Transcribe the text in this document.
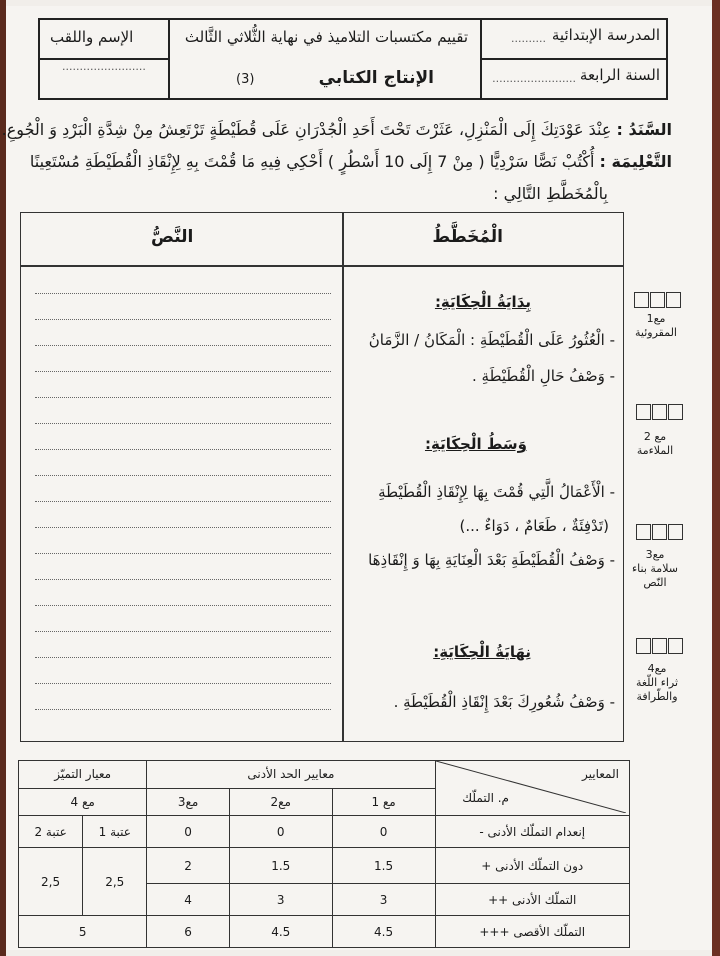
المدرسة الإبتدائية
..........
تقييم مكتسبات التلاميذ في نهاية الثُّلاثي الثَّالث
الإسم واللقب
........................	السنة الرابعة
........................
الإنتاج الكتابي
(3)
السَّنَدُ : عِنْدَ عَوْدَتِكَ إِلَى الْمَنْزِلِ، عَثَرْتَ تَحْتَ أَحَدِ الْجُدْرَانِ عَلَى قُطَيْطَةٍ تَرْتَعِشُ مِنْ شِدَّةِ الْبَرْدِ وَ الْجُوعِ.
التَّعْلِيمَة : أُكْتُبْ نَصًّا سَرْدِيًّا ( مِنْ 7 إِلَى 10 أَسْطُرٍ ) أَحْكِي فِيهِ مَا قُمْتَ بِهِ لِإِنْقَاذِ الْقُطَيْطَةِ مُسْتَعِينًا
بِالْمُخَطَّطِ التَّالِي :
الْمُخَطَّطُ
النَّصُّ
بِدَايَةُ الْحِكَايَةِ:
- الْعُثُورُ عَلَى الْقُطَيْطَةِ : الْمَكَانُ / الزَّمَانُ
- وَصْفُ حَالِ الْقُطَيْطَةِ .
وَسَطُ الْحِكَايَةِ:
- الْأَعْمَالُ الَّتِي قُمْتَ بِهَا لِإِنْقَاذِ الْقُطَيْطَةِ
(تَدْفِئَةٌ ، طَعَامٌ ، دَوَاءٌ ...)
- وَصْفُ الْقُطَيْطَةِ بَعْدَ الْعِنَايَةِ بِهَا وَ إِنْقَاذِهَا
نِهَايَةُ الْحِكَايَةِ:
- وَصْفُ شُعُورِكَ بَعْدَ إِنْقَاذِ الْقُطَيْطَةِ .
مع1
المقروئية
مع 2
الملاءمة
مع3
سلامة بناء النّص
مع4
ثراء اللّغة والطّرافة
المعايير
م. التملّك	معايير الحد الأدنى			معيار التميّز	
	مع 1	مع2	مع3	مع 4	
إنعدام التملّك الأدنى -	0	0	0	عتبة 1	عتبة 2
دون التملّك الأدنى +	1.5	1.5	2	2,5	2,5
التملّك الأدنى ++	3	3	4		
التملّك الأقصى +++	4.5	4.5	6	5	
